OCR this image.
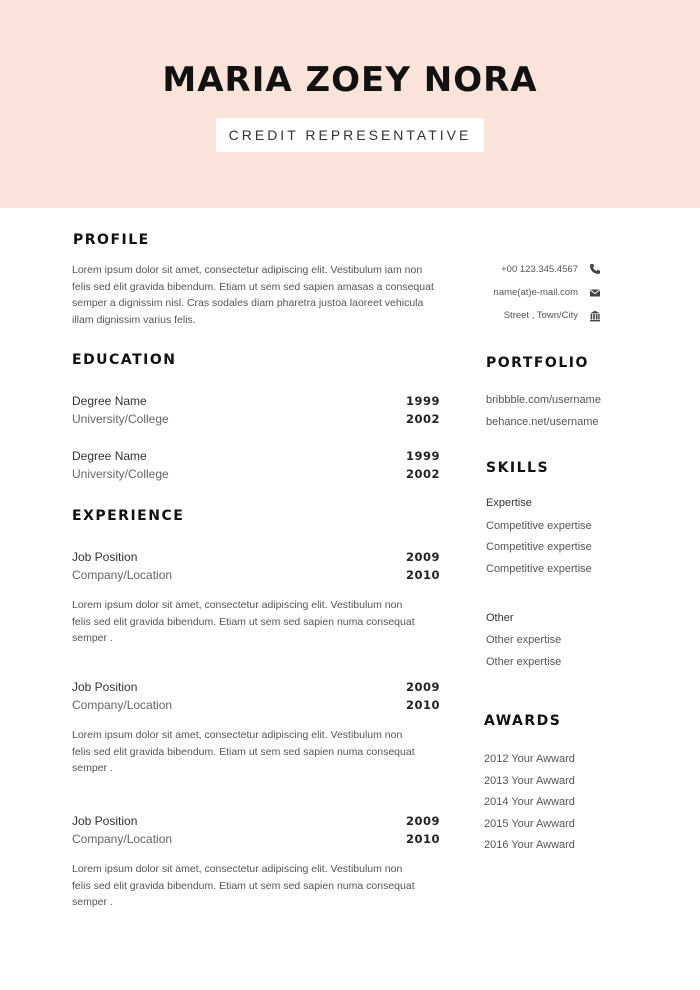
MARIA ZOEY NORA
CREDIT REPRESENTATIVE
PROFILE
Lorem ipsum dolor sit amet, consectetur adipiscing elit. Vestibulum iam non
felis sed elit gravida bibendum. Etiam ut sem sed sapien amasas a consequat
semper a dignissim nisl. Cras sodales diam pharetra justoa laoreet vehicula
illam dignissim varius felis.
+00 123.345.4567
name(at)e-mail.com
Street , Town/City
EDUCATION
Degree Name
University/College
1999
2002
Degree Name
University/College
1999
2002
EXPERIENCE
Job Position
Company/Location
2009
2010
Lorem ipsum dolor sit amet, consectetur adipiscing elit. Vestibulum non
felis sed elit gravida bibendum. Etiam ut sem sed sapien numa consequat
semper .
Job Position
Company/Location
2009
2010
Lorem ipsum dolor sit amet, consectetur adipiscing elit. Vestibulum non
felis sed elit gravida bibendum. Etiam ut sem sed sapien numa consequat
semper .
Job Position
Company/Location
2009
2010
Lorem ipsum dolor sit amet, consectetur adipiscing elit. Vestibulum non
felis sed elit gravida bibendum. Etiam ut sem sed sapien numa consequat
semper .
PORTFOLIO
bribbble.com/username
behance.net/username
SKILLS
Expertise
Competitive expertise
Competitive expertise
Competitive expertise
Other
Other expertise
Other expertise
AWARDS
2012 Your Awward
2013 Your Awward
2014 Your Awward
2015 Your Awward
2016 Your Awward
